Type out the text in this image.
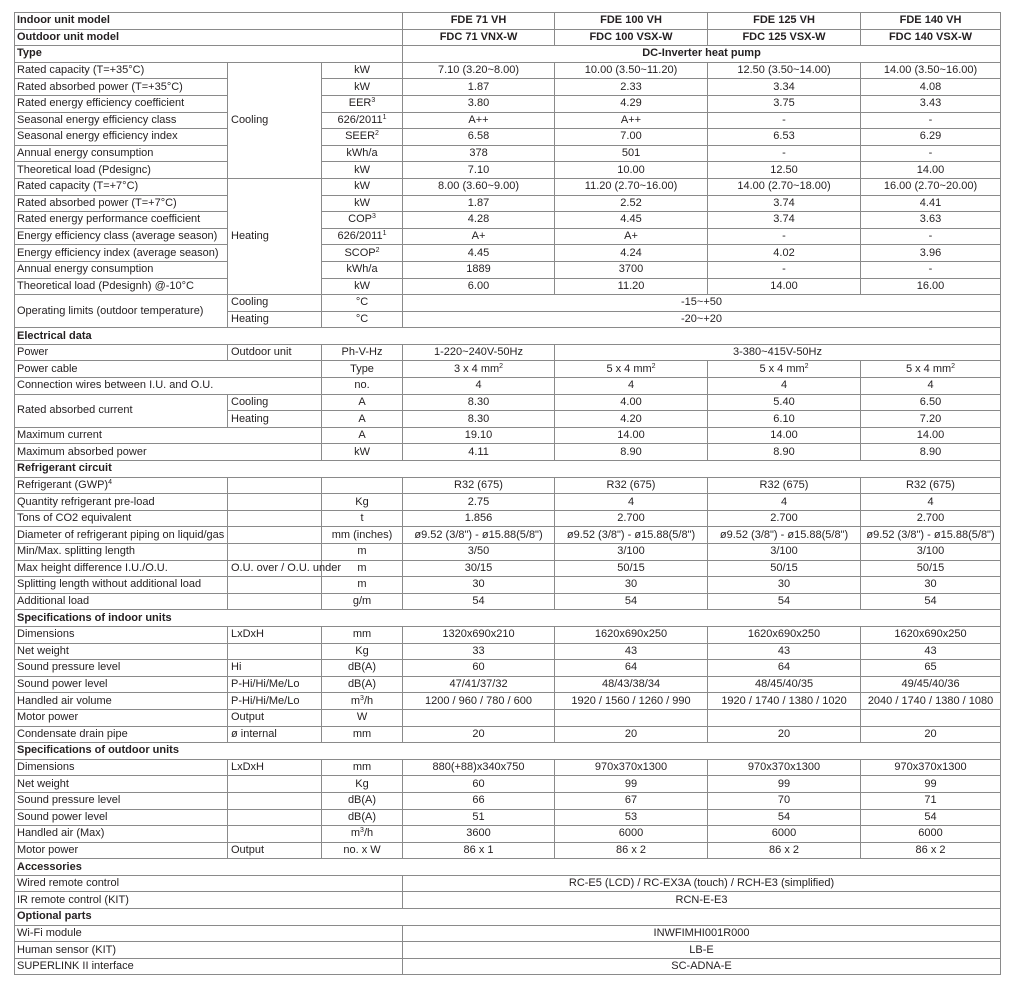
Indoor unit model			FDE 71 VH	FDE 100 VH	FDE 125 VH	FDE 140 VH
Outdoor unit model			FDC 71 VNX-W	FDC 100 VSX-W	FDC 125 VSX-W	FDC 140 VSX-W
Type			DC-Inverter heat pump			
Rated capacity (T=+35°C)	Cooling	kW	7.10 (3.20~8.00)	10.00 (3.50~11.20)	12.50 (3.50~14.00)	14.00 (3.50~16.00)
Rated absorbed power (T=+35°C)		kW	1.87	2.33	3.34	4.08
Rated energy efficiency coefficient		EER$^3$	3.80	4.29	3.75	3.43
Seasonal energy efficiency class		626/2011$^1$	A++	A++	-	-
Seasonal energy efficiency index		SEER$^2$	6.58	7.00	6.53	6.29
Annual energy consumption		kWh/a	378	501	-	-
Theoretical load (Pdesignc)		kW	7.10	10.00	12.50	14.00
Rated capacity (T=+7°C)	Heating	kW	8.00 (3.60~9.00)	11.20 (2.70~16.00)	14.00 (2.70~18.00)	16.00 (2.70~20.00)
Rated absorbed power (T=+7°C)		kW	1.87	2.52	3.74	4.41
Rated energy performance coefficient		COP$^3$	4.28	4.45	3.74	3.63
Energy efficiency class (average season)		626/2011$^1$	A+	A+	-	-
Energy efficiency index (average season)		SCOP$^2$	4.45	4.24	4.02	3.96
Annual energy consumption		kWh/a	1889	3700	-	-
Theoretical load (Pdesignh) @-10°C		kW	6.00	11.20	14.00	16.00
Operating limits (outdoor temperature)	Cooling	°C	-15~+50			
	Heating	°C	-20~+20			
Electrical data						
Power	Outdoor unit	Ph-V-Hz	1-220~240V-50Hz	3-380~415V-50Hz		
Power cable		Type	3 x 4 $mm^2$	5 x 4 $mm^2$	5 x 4 $mm^2$	5 x 4 $mm^2$
Connection wires between I.U. and O.U.		no.	4	4	4	4
Rated absorbed current	Cooling	A	8.30	4.00	5.40	6.50
	Heating	A	8.30	4.20	6.10	7.20
Maximum current		A	19.10	14.00	14.00	14.00
Maximum absorbed power		kW	4.11	8.90	8.90	8.90
Refrigerant circuit						
Refrigerant (GWP)$^4$			R32 (675)	R32 (675)	R32 (675)	R32 (675)
Quantity refrigerant pre-load		Kg	2.75	4	4	4
Tons of CO2 equivalent		t	1.856	2.700	2.700	2.700
Diameter of refrigerant piping on liquid/gas		mm (inches)	ø9.52 (3/8") - ø15.88(5/8")	ø9.52 (3/8") - ø15.88(5/8")	ø9.52 (3/8") - ø15.88(5/8")	ø9.52 (3/8") - ø15.88(5/8")
Min/Max. splitting length		m	3/50	3/100	3/100	3/100
Max height difference I.U./O.U.	O.U. over / O.U. under	m	30/15	50/15	50/15	50/15
Splitting length without additional load		m	30	30	30	30
Additional load		g/m	54	54	54	54
Specifications of indoor units						
Dimensions	LxDxH	mm	1320x690x210	1620x690x250	1620x690x250	1620x690x250
Net weight		Kg	33	43	43	43
Sound pressure level	Hi	dB(A)	60	64	64	65
Sound power level	P-Hi/Hi/Me/Lo	dB(A)	47/41/37/32	48/43/38/34	48/45/40/35	49/45/40/36
Handled air volume	P-Hi/Hi/Me/Lo	$m^3/h$	1200 / 960 / 780 / 600	1920 / 1560 / 1260 / 990	1920 / 1740 / 1380 / 1020	2040 / 1740 / 1380 / 1080
Motor power	Output	W				
Condensate drain pipe	ø internal	mm	20	20	20	20
Specifications of outdoor units						
Dimensions	LxDxH	mm	880(+88)x340x750	970x370x1300	970x370x1300	970x370x1300
Net weight		Kg	60	99	99	99
Sound pressure level		dB(A)	66	67	70	71
Sound power level		dB(A)	51	53	54	54
Handled air (Max)		$m^3/h$	3600	6000	6000	6000
Motor power	Output	no. x W	86 x 1	86 x 2	86 x 2	86 x 2
Accessories						
Wired remote control			RC-E5 (LCD) / RC-EX3A (touch) / RCH-E3 (simplified)			
IR remote control (KIT)			RCN-E-E3			
Optional parts						
Wi-Fi module			INWFIMHI001R000			
Human sensor (KIT)			LB-E			
SUPERLINK II interface			SC-ADNA-E			
